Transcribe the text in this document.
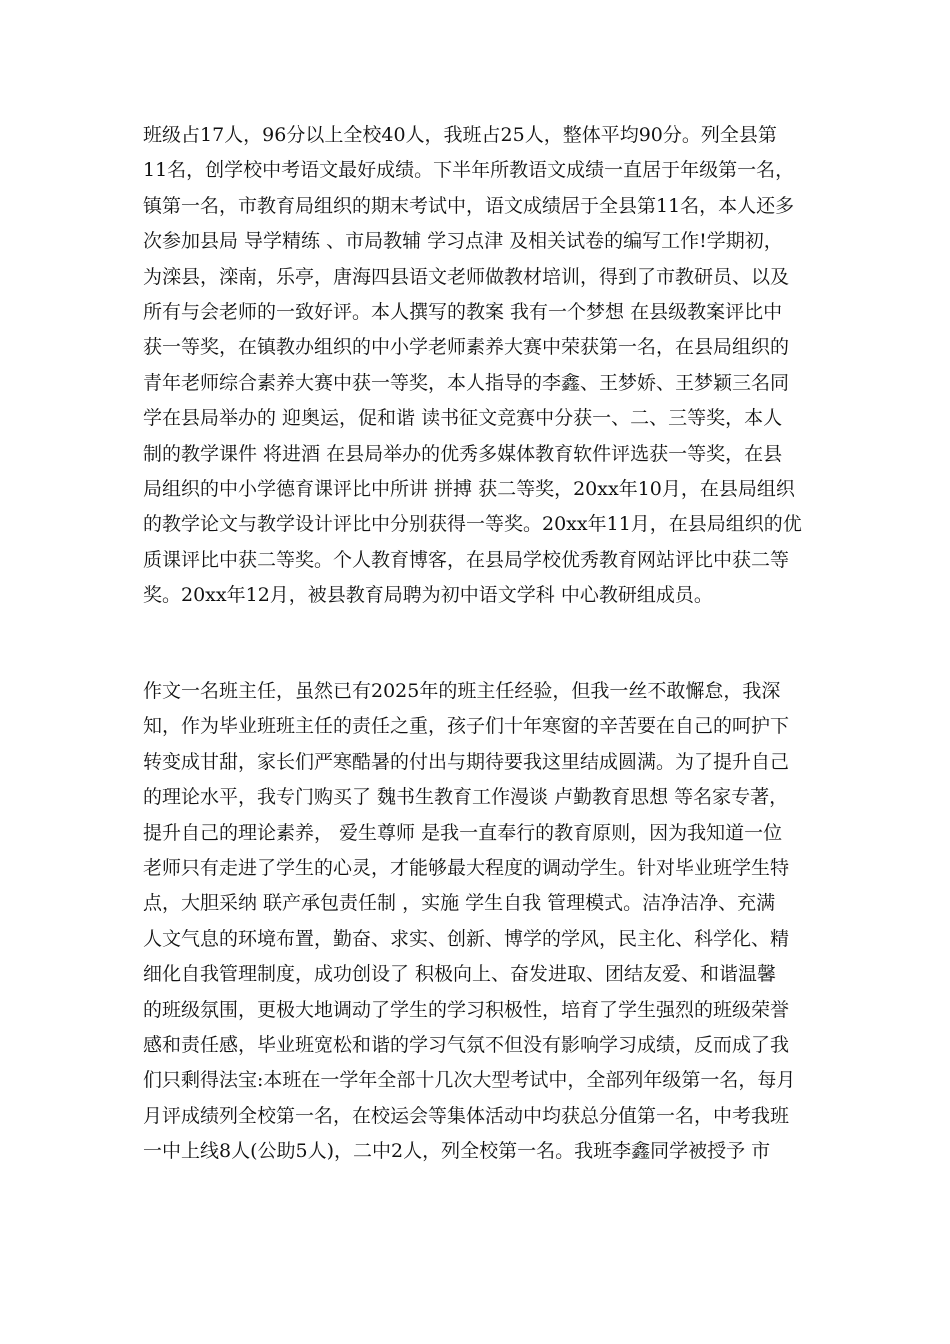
班级占17人，96分以上全校40人，我班占25人，整体平均90分。列全县第
11名，创学校中考语文最好成绩。下半年所教语文成绩一直居于年级第一名，
镇第一名，市教育局组织的期末考试中，语文成绩居于全县第11名，本人还多
次参加县局 导学精练 、市局教辅 学习点津 及相关试卷的编写工作!学期初，
为滦县，滦南，乐亭，唐海四县语文老师做教材培训，得到了市教研员、以及
所有与会老师的一致好评。本人撰写的教案 我有一个梦想 在县级教案评比中
获一等奖，在镇教办组织的中小学老师素养大赛中荣获第一名，在县局组织的
青年老师综合素养大赛中获一等奖，本人指导的李鑫、王梦娇、王梦颖三名同
学在县局举办的 迎奥运，促和谐 读书征文竞赛中分获一、二、三等奖，本人
制的教学课件 将进酒 在县局举办的优秀多媒体教育软件评选获一等奖，在县
局组织的中小学德育课评比中所讲 拼搏 获二等奖，20xx年10月，在县局组织
的教学论文与教学设计评比中分别获得一等奖。20xx年11月，在县局组织的优
质课评比中获二等奖。个人教育博客，在县局学校优秀教育网站评比中获二等
奖。20xx年12月，被县教育局聘为初中语文学科 中心教研组成员。
作文一名班主任，虽然已有2025年的班主任经验，但我一丝不敢懈怠，我深
知，作为毕业班班主任的责任之重，孩子们十年寒窗的辛苦要在自己的呵护下
转变成甘甜，家长们严寒酷暑的付出与期待要我这里结成圆满。为了提升自己
的理论水平，我专门购买了 魏书生教育工作漫谈 卢勤教育思想 等名家专著，
提升自己的理论素养， 爱生尊师 是我一直奉行的教育原则，因为我知道一位
老师只有走进了学生的心灵，才能够最大程度的调动学生。针对毕业班学生特
点，大胆采纳 联产承包责任制 ，实施 学生自我 管理模式。洁净洁净、充满
人文气息的环境布置，勤奋、求实、创新、博学的学风，民主化、科学化、精
细化自我管理制度，成功创设了 积极向上、奋发进取、团结友爱、和谐温馨
的班级氛围，更极大地调动了学生的学习积极性，培育了学生强烈的班级荣誉
感和责任感，毕业班宽松和谐的学习气氛不但没有影响学习成绩，反而成了我
们只剩得法宝:本班在一学年全部十几次大型考试中，全部列年级第一名，每月
月评成绩列全校第一名，在校运会等集体活动中均获总分值第一名，中考我班
一中上线8人(公助5人)，二中2人，列全校第一名。我班李鑫同学被授予 市
